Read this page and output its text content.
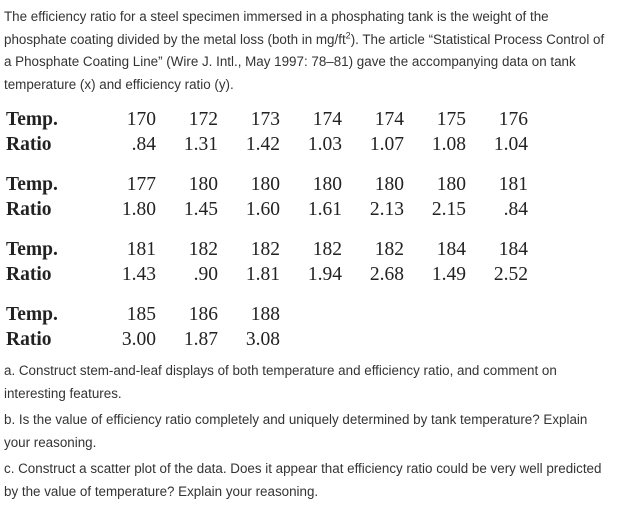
The efficiency ratio for a steel specimen immersed in a phosphating tank is the weight of the phosphate coating divided by the metal loss (both in $mg/ft^2$). The article “Statistical Process Control of a Phosphate Coating Line” (Wire J. Intl., May 1997: 78–81) gave the accompanying data on tank temperature (x) and efficiency ratio (y).
Temp.	170	172	173	174	174	175	176
Ratio	.84	1.31	1.42	1.03	1.07	1.08	1.04

Temp.	177	180	180	180	180	180	181
Ratio	1.80	1.45	1.60	1.61	2.13	2.15	.84

Temp.	181	182	182	182	182	184	184
Ratio	1.43	.90	1.81	1.94	2.68	1.49	2.52

Temp.	185	186	188				
Ratio	3.00	1.87	3.08				
a. Construct stem-and-leaf displays of both temperature and efficiency ratio, and comment on interesting features.
b. Is the value of efficiency ratio completely and uniquely determined by tank temperature? Explain your reasoning.
c. Construct a scatter plot of the data. Does it appear that efficiency ratio could be very well predicted by the value of temperature? Explain your reasoning.
